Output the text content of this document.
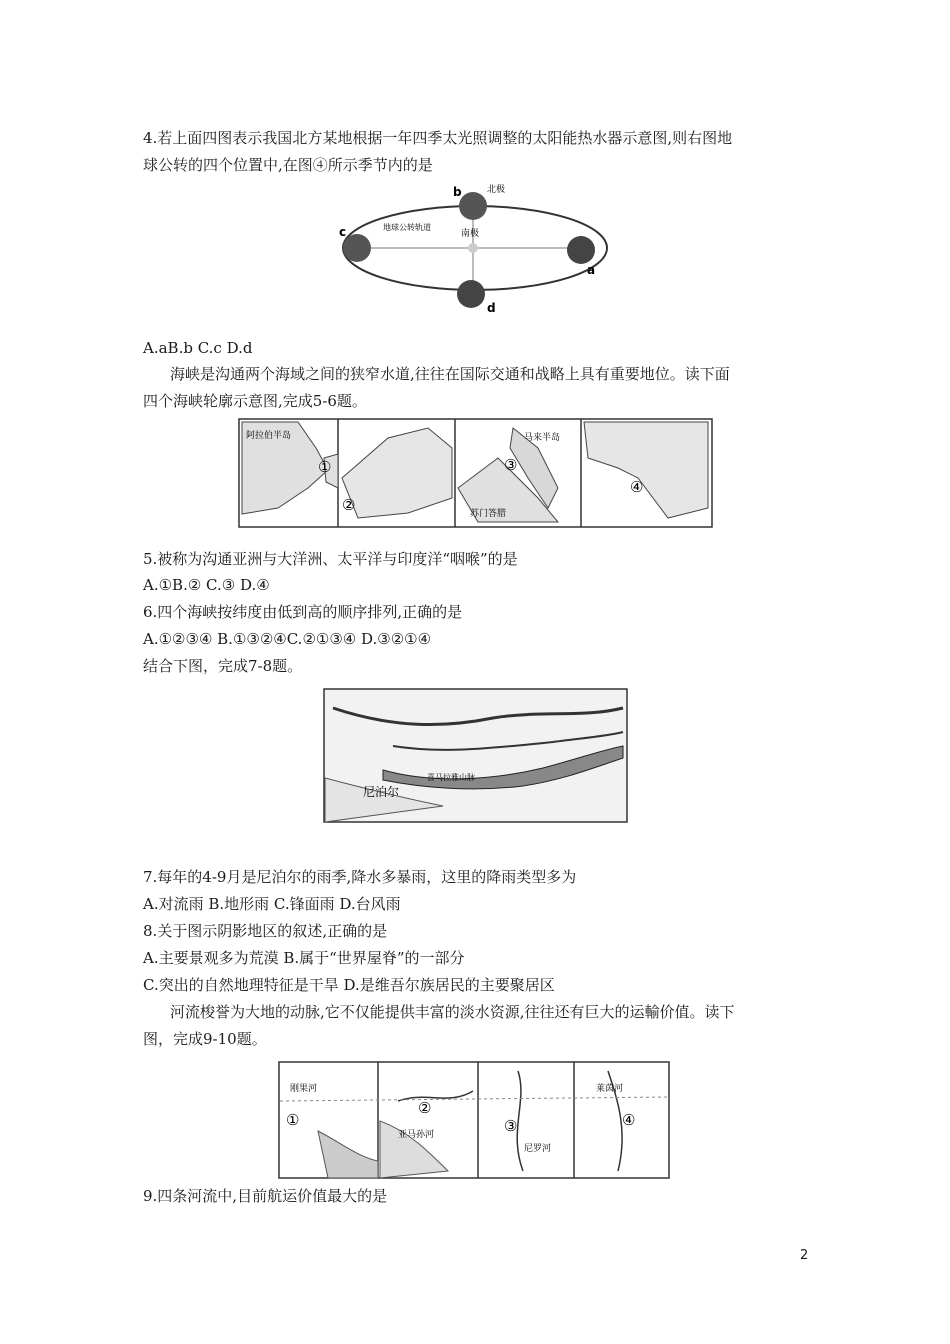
4.若上面四图表示我国北方某地根据一年四季太光照调整的太阳能热水器示意图,则右图地
球公转的四个位置中,在图④所示季节内的是
b	北极
南极
地球公转轨道
c
a
d
A.aB.b C.c D.d
海峡是沟通两个海域之间的狭窄水道,往往在国际交通和战略上具有重要地位。读下面
四个海峡轮廓示意图,完成5-6题。
①
②
③
④
阿拉伯半岛
苏门答腊
马来半岛
5.被称为沟通亚洲与大洋洲、太平洋与印度洋“咽喉”的是
A.①B.② C.③ D.④
6.四个海峡按纬度由低到高的顺序排列,正确的是
A.①②③④ B.①③②④C.②①③④ D.③②①④
结合下图，完成7-8题。
喜马拉雅山脉
尼泊尔
7.每年的4-9月是尼泊尔的雨季,降水多暴雨，这里的降雨类型多为
A.对流雨 B.地形雨 C.锋面雨 D.台风雨
8.关于图示阴影地区的叙述,正确的是
A.主要景观多为荒漠 B.属于“世界屋脊”的一部分
C.突出的自然地理特征是干旱 D.是维吾尔族居民的主要聚居区
河流梭誉为大地的动脉,它不仅能提供丰富的淡水资源,往往还有巨大的运輸价值。读下
图，完成9-10题。
①
②
③	④
刚果河
亚马孙河
尼罗河
莱茵河
9.四条河流中,目前航运价值最大的是
2
